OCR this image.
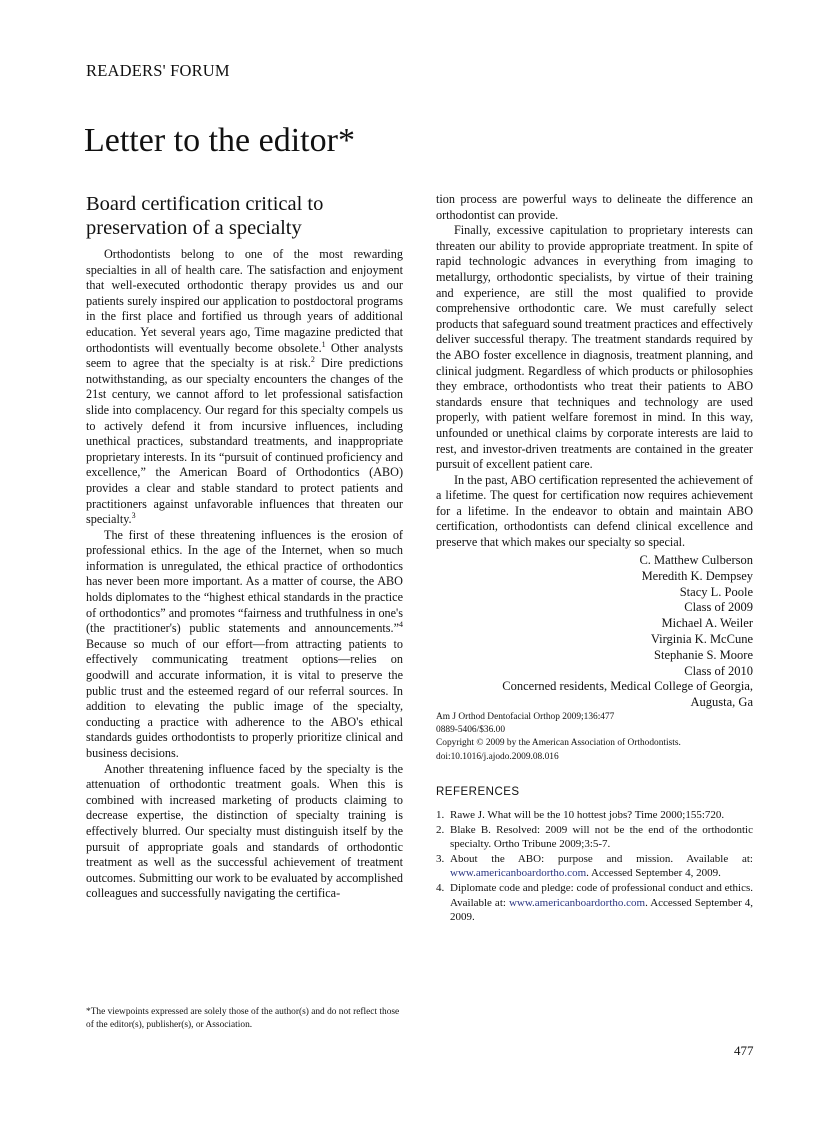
READERS' FORUM
Letter to the editor*
Board certification critical to preservation of a specialty

Orthodontists belong to one of the most rewarding specialties in all of health care. The satisfaction and enjoyment that well-executed orthodontic therapy provides us and our patients surely inspired our application to postdoctoral programs in the first place and fortified us through years of additional education. Yet several years ago, Time magazine predicted that orthodontists will eventually become obsolete.$^1$ Other analysts seem to agree that the specialty is at risk.$^2$ Dire predictions notwithstanding, as our specialty encounters the changes of the 21st century, we cannot afford to let professional satisfaction slide into complacency. Our regard for this specialty compels us to actively defend it from incursive influences, including unethical practices, substandard treatments, and inappropriate proprietary interests. In its “pursuit of continued proficiency and excellence,” the American Board of Orthodontics (ABO) provides a clear and stable standard to protect patients and practitioners against unfavorable influences that threaten our specialty.$^3$

The first of these threatening influences is the erosion of professional ethics. In the age of the Internet, when so much information is unregulated, the ethical practice of orthodontics has never been more important. As a matter of course, the ABO holds diplomates to the “highest ethical standards in the practice of orthodontics” and promotes “fairness and truthfulness in one's (the practitioner's) public statements and announcements.”$^4$ Because so much of our effort—from attracting patients to effectively communicating treatment options—relies on goodwill and accurate information, it is vital to preserve the public trust and the esteemed regard of our referral sources. In addition to elevating the public image of the specialty, conducting a practice with adherence to the ABO's ethical standards guides orthodontists to properly prioritize clinical and business decisions.

Another threatening influence faced by the specialty is the attenuation of orthodontic treatment goals. When this is combined with increased marketing of products claiming to decrease expertise, the distinction of specialty training is effectively blurred. Our specialty must distinguish itself by the pursuit of appropriate goals and standards of orthodontic treatment as well as the successful achievement of treatment outcomes. Submitting our work to be evaluated by accomplished colleagues and successfully navigating the certifica-

tion process are powerful ways to delineate the difference an orthodontist can provide.

Finally, excessive capitulation to proprietary interests can threaten our ability to provide appropriate treatment. In spite of rapid technologic advances in everything from imaging to metallurgy, orthodontic specialists, by virtue of their training and experience, are still the most qualified to provide comprehensive orthodontic care. We must carefully select products that safeguard sound treatment practices and effectively deliver successful therapy. The treatment standards required by the ABO foster excellence in diagnosis, treatment planning, and clinical judgment. Regardless of which products or philosophies they embrace, orthodontists who treat their patients to ABO standards ensure that techniques and technology are used properly, with patient welfare foremost in mind. In this way, unfounded or unethical claims by corporate interests are laid to rest, and investor-driven treatments are contained in the greater pursuit of excellent patient care.

In the past, ABO certification represented the achievement of a lifetime. The quest for certification now requires achievement for a lifetime. In the endeavor to obtain and maintain ABO certification, orthodontists can defend clinical excellence and preserve that which makes our specialty so special.

C. Matthew Culberson
Meredith K. Dempsey
Stacy L. Poole
Class of 2009
Michael A. Weiler
Virginia K. McCune
Stephanie S. Moore
Class of 2010
Concerned residents, Medical College of Georgia,
Augusta, Ga
Am J Orthod Dentofacial Orthop 2009;136:477
0889-5406/$36.00
Copyright © 2009 by the American Association of Orthodontists.
doi:10.1016/j.ajodo.2009.08.016
REFERENCES
1. Rawe J. What will be the 10 hottest jobs? Time 2000;155:720.
2. Blake B. Resolved: 2009 will not be the end of the orthodontic specialty. Ortho Tribune 2009;3:5-7.
3. About the ABO: purpose and mission. Available at: www.americanboardortho.com. Accessed September 4, 2009.
4. Diplomate code and pledge: code of professional conduct and ethics. Available at: www.americanboardortho.com. Accessed September 4, 2009.
*The viewpoints expressed are solely those of the author(s) and do not reflect those of the editor(s), publisher(s), or Association.
477
